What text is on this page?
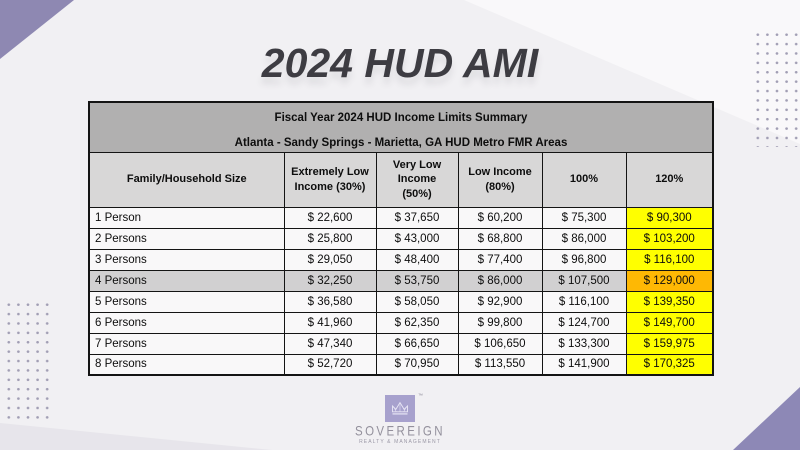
2024 HUD AMI
Fiscal Year 2024 HUD Income Limits Summary
Atlanta - Sandy Springs - Marietta, GA HUD Metro FMR Areas					

Family/Household Size	Extremely Low Income (30%)	Very Low Income (50%)	Low Income (80%)	100%	120%
1 Person	$ 22,600	$ 37,650	$ 60,200	$ 75,300	$ 90,300
2 Persons	$ 25,800	$ 43,000	$ 68,800	$ 86,000	$ 103,200
3 Persons	$ 29,050	$ 48,400	$ 77,400	$ 96,800	$ 116,100
4 Persons	$ 32,250	$ 53,750	$ 86,000	$ 107,500	$ 129,000
5 Persons	$ 36,580	$ 58,050	$ 92,900	$ 116,100	$ 139,350
6 Persons	$ 41,960	$ 62,350	$ 99,800	$ 124,700	$ 149,700
7 Persons	$ 47,340	$ 66,650	$ 106,650	$ 133,300	$ 159,975
8 Persons	$ 52,720	$ 70,950	$ 113,550	$ 141,900	$ 170,325
™
SOVEREIGN
REALTY & MANAGEMENT
